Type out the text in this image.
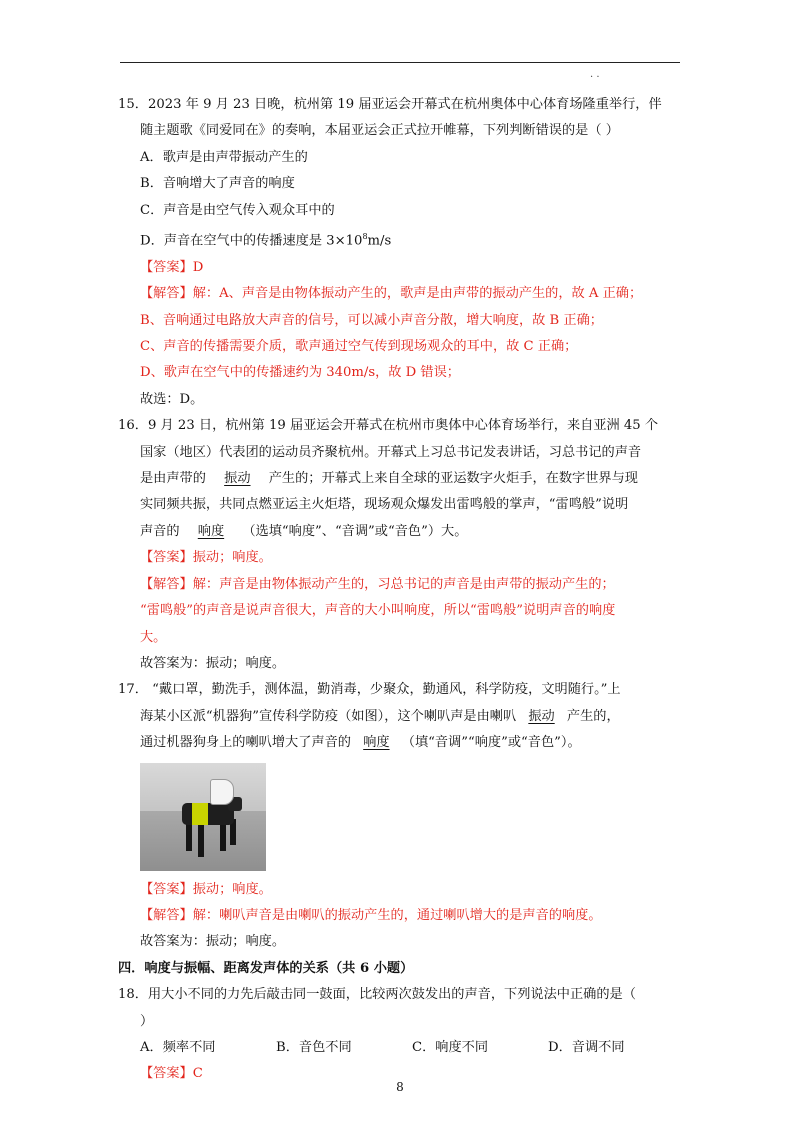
. .
15．2023 年 9 月 23 日晚，杭州第 19 届亚运会开幕式在杭州奥体中心体育场隆重举行，伴
随主题歌《同爱同在》的奏响，本届亚运会正式拉开帷幕，下列判断错误的是（ ）
A．歌声是由声带振动产生的
B．音响增大了声音的响度
C．声音是由空气传入观众耳中的
D．声音在空气中的传播速度是 $3\times 10^8m/s$
【答案】D
【解答】解：A、声音是由物体振动产生的，歌声是由声带的振动产生的，故 A 正确；
B、音响通过电路放大声音的信号，可以减小声音分散，增大响度，故 B 正确；
C、声音的传播需要介质，歌声通过空气传到现场观众的耳中，故 C 正确；
D、歌声在空气中的传播速约为 340m/s，故 D 错误；
故选：D。
16．9 月 23 日，杭州第 19 届亚运会开幕式在杭州市奥体中心体育场举行，来自亚洲 45 个
国家（地区）代表团的运动员齐聚杭州。开幕式上习总书记发表讲话，习总书记的声音
是由声带的 振动 产生的；开幕式上来自全球的亚运数字火炬手，在数字世界与现
实同频共振，共同点燃亚运主火炬塔，现场观众爆发出雷鸣般的掌声，“雷鸣般”说明
声音的 响度 （选填“响度”、“音调”或“音色”）大。
【答案】振动；响度。
【解答】解：声音是由物体振动产生的，习总书记的声音是由声带的振动产生的；
“雷鸣般”的声音是说声音很大，声音的大小叫响度，所以“雷鸣般”说明声音的响度
大。
故答案为：振动；响度。
17． “戴口罩，勤洗手，测体温，勤消毒，少聚众，勤通风，科学防疫，文明随行。”上
海某小区派“机器狗”宣传科学防疫（如图），这个喇叭声是由喇叭 振动 产生的，
通过机器狗身上的喇叭增大了声音的 响度 （填“音调”“响度”或“音色”）。
【答案】振动；响度。
【解答】解：喇叭声音是由喇叭的振动产生的，通过喇叭增大的是声音的响度。
故答案为：振动；响度。
四．响度与振幅、距离发声体的关系（共 6 小题）
18．用大小不同的力先后敲击同一鼓面，比较两次鼓发出的声音，下列说法中正确的是（
）
A．频率不同	B．音色不同	C．响度不同	D．音调不同
【答案】C
8
